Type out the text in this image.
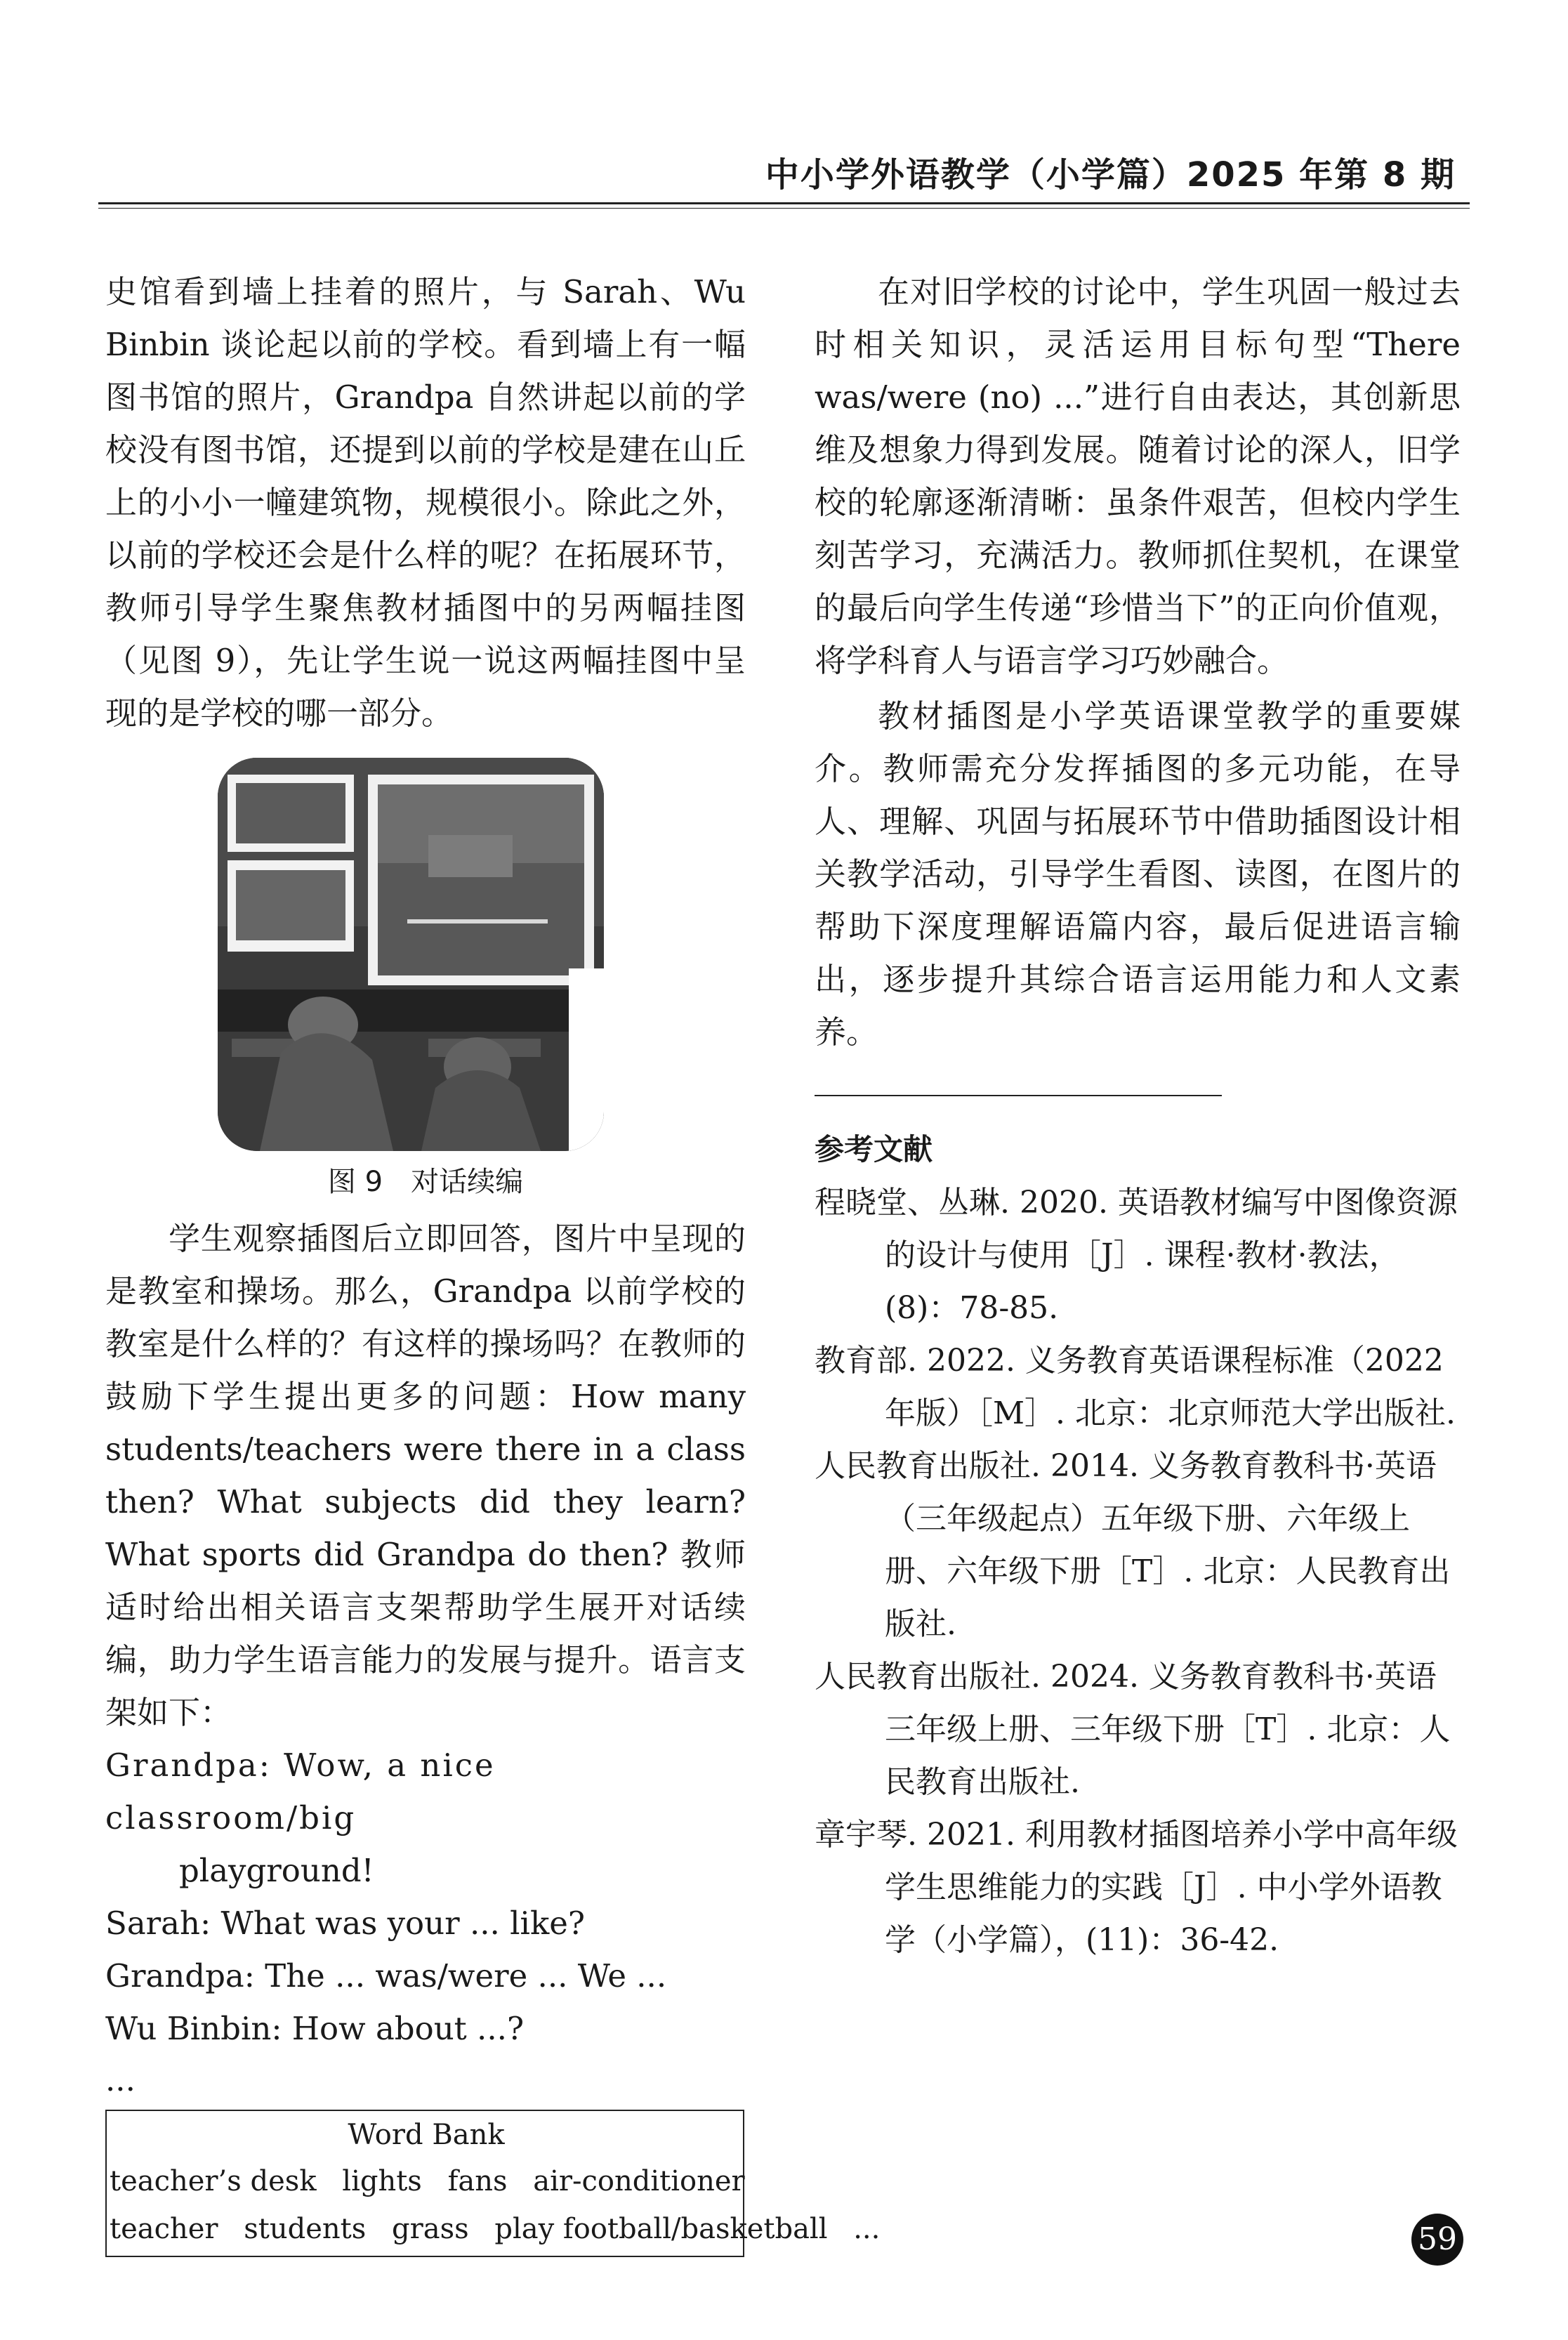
中小学外语教学（小学篇）2025 年第 8 期

史馆看到墙上挂着的照片，与 Sarah、Wu Binbin 谈论起以前的学校。看到墙上有一幅图书馆的照片，Grandpa 自然讲起以前的学校没有图书馆，还提到以前的学校是建在山丘上的小小一幢建筑物，规模很小。除此之外，以前的学校还会是什么样的呢？在拓展环节，教师引导学生聚焦教材插图中的另两幅挂图（见图 9），先让学生说一说这两幅挂图中呈现的是学校的哪一部分。

图 9　对话续编

学生观察插图后立即回答，图片中呈现的是教室和操场。那么，Grandpa 以前学校的教室是什么样的？有这样的操场吗？在教师的鼓励下学生提出更多的问题：How many students/teachers were there in a class then? What subjects did they learn? What sports did Grandpa do then? 教师适时给出相关语言支架帮助学生展开对话续编，助力学生语言能力的发展与提升。语言支架如下：

Grandpa: Wow, a nice classroom/big
playground!
Sarah: What was your ... like?
Grandpa: The ... was/were ... We ...
Wu Binbin: How about ...?
...
Word Bank
teacher’s desk lights fans air-conditioner
teacher students grass play football/basketball ...

在对旧学校的讨论中，学生巩固一般过去时相关知识，灵活运用目标句型“There was/were (no) ...”进行自由表达，其创新思维及想象力得到发展。随着讨论的深人，旧学校的轮廓逐渐清晰：虽条件艰苦，但校内学生刻苦学习，充满活力。教师抓住契机，在课堂的最后向学生传递“珍惜当下”的正向价值观，将学科育人与语言学习巧妙融合。

教材插图是小学英语课堂教学的重要媒介。教师需充分发挥插图的多元功能，在导人、理解、巩固与拓展环节中借助插图设计相关教学活动，引导学生看图、读图，在图片的帮助下深度理解语篇内容，最后促进语言输出，逐步提升其综合语言运用能力和人文素养。

参考文献

程晓堂、丛琳. 2020. 英语教材编写中图像资源的设计与使用［J］. 课程·教材·教法，(8)：78-85.

教育部. 2022. 义务教育英语课程标准（2022年版）［M］. 北京：北京师范大学出版社.

人民教育出版社. 2014. 义务教育教科书·英语（三年级起点）五年级下册、六年级上册、六年级下册［T］. 北京：人民教育出版社.

人民教育出版社. 2024. 义务教育教科书·英语三年级上册、三年级下册［T］. 北京：人民教育出版社.

章宇琴. 2021. 利用教材插图培养小学中高年级学生思维能力的实践［J］. 中小学外语教学（小学篇），(11)：36-42.

59
